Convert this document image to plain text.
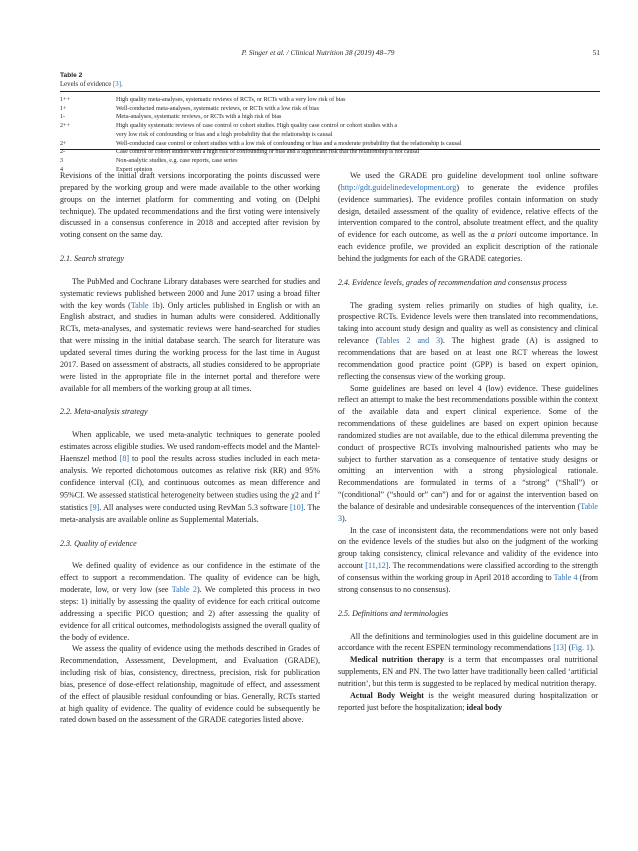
P. Singer et al. / Clinical Nutrition 38 (2019) 48–79	51
Table 2
Levels of evidence [3].
1++	High quality meta-analyses, systematic reviews of RCTs, or RCTs with a very low risk of bias
1+	Well-conducted meta-analyses, systematic reviews, or RCTs with a low risk of bias
1-	Meta-analyses, systematic reviews, or RCTs with a high risk of bias
2++	High quality systematic reviews of case control or cohort studies. High quality case control or cohort studies with a
very low risk of confounding or bias and a high probability that the relationship is causal
2+	Well-conducted case control or cohort studies with a low risk of confounding or bias and a moderate probability that the relationship is causal
2-	Case control or cohort studies with a high risk of confounding or bias and a significant risk that the relationship is not causal
3	Non-analytic studies, e.g. case reports, case series
4	Expert opinion

Revisions of the initial draft versions incorporating the points discussed were prepared by the working group and were made available to the other working groups on the internet platform for commenting and voting on (Delphi technique). The updated recommendations and the first voting were intensively discussed in a consensus conference in 2018 and accepted after revision by voting consent on the same day.

2.1. Search strategy

The PubMed and Cochrane Library databases were searched for studies and systematic reviews published between 2000 and June 2017 using a broad filter with the key words (Table 1b). Only articles published in English or with an English abstract, and studies in human adults were considered. Additionally RCTs, meta-analyses, and systematic reviews were hand-searched for studies that were missing in the initial database search. The search for literature was updated several times during the working process for the last time in August 2017. Based on assessment of abstracts, all studies considered to be appropriate were listed in the appropriate file in the internet portal and therefore were available for all members of the working group at all times.

2.2. Meta-analysis strategy

When applicable, we used meta-analytic techniques to generate pooled estimates across eligible studies. We used random-effects model and the Mantel-Haenszel method [8] to pool the results across studies included in each meta-analysis. We reported dichotomous outcomes as relative risk (RR) and 95% confidence interval (CI), and continuous outcomes as mean difference and 95%CI. We assessed statistical heterogeneity between studies using the χ2 and $I^2$ statistics [9]. All analyses were conducted using RevMan 5.3 software [10]. The meta-analysis are available online as Supplemental Materials.

2.3. Quality of evidence

We defined quality of evidence as our confidence in the estimate of the effect to support a recommendation. The quality of evidence can be high, moderate, low, or very low (see Table 2). We completed this process in two steps: 1) initially by assessing the quality of evidence for each critical outcome addressing a specific PICO question; and 2) after assessing the quality of evidence for all critical outcomes, methodologists assigned the overall quality of the body of evidence.

We assess the quality of evidence using the methods described in Grades of Recommendation, Assessment, Development, and Evaluation (GRADE), including risk of bias, consistency, directness, precision, risk for publication bias, presence of dose-effect relationship, magnitude of effect, and assessment of the effect of plausible residual confounding or bias. Generally, RCTs started at high quality of evidence. The quality of evidence could be subsequently be rated down based on the assessment of the GRADE categories listed above.

We used the GRADE pro guideline development tool online software (http://gdt.guidelinedevelopment.org) to generate the evidence profiles (evidence summaries). The evidence profiles contain information on study design, detailed assessment of the quality of evidence, relative effects of the intervention compared to the control, absolute treatment effect, and the quality of evidence for each outcome, as well as the a priori outcome importance. In each evidence profile, we provided an explicit description of the rationale behind the judgments for each of the GRADE categories.

2.4. Evidence levels, grades of recommendation and consensus process

The grading system relies primarily on studies of high quality, i.e. prospective RCTs. Evidence levels were then translated into recommendations, taking into account study design and quality as well as consistency and clinical relevance (Tables 2 and 3). The highest grade (A) is assigned to recommendations that are based on at least one RCT whereas the lowest recommendation good practice point (GPP) is based on expert opinion, reflecting the consensus view of the working group.

Some guidelines are based on level 4 (low) evidence. These guidelines reflect an attempt to make the best recommendations possible within the context of the available data and expert clinical experience. Some of the recommendations of these guidelines are based on expert opinion because randomized studies are not available, due to the ethical dilemma preventing the conduct of prospective RCTs involving malnourished patients who may be subject to further starvation as a consequence of tentative study designs or omitting an intervention with a strong physiological rationale. Recommendations are formulated in terms of a “strong” (“Shall”) or “(conditional” (“should or” can”) and for or against the intervention based on the balance of desirable and undesirable consequences of the intervention (Table 3).

In the case of inconsistent data, the recommendations were not only based on the evidence levels of the studies but also on the judgment of the working group taking consistency, clinical relevance and validity of the evidence into account [11,12]. The recommendations were classified according to the strength of consensus within the working group in April 2018 according to Table 4 (from strong consensus to no consensus).

2.5. Definitions and terminologies

All the definitions and terminologies used in this guideline document are in accordance with the recent ESPEN terminology recommendations [13] (Fig. 1).

Medical nutrition therapy is a term that encompasses oral nutritional supplements, EN and PN. The two latter have traditionally been called ‘artificial nutrition’, but this term is suggested to be replaced by medical nutrition therapy.

Actual Body Weight is the weight measured during hospitalization or reported just before the hospitalization; ideal body
